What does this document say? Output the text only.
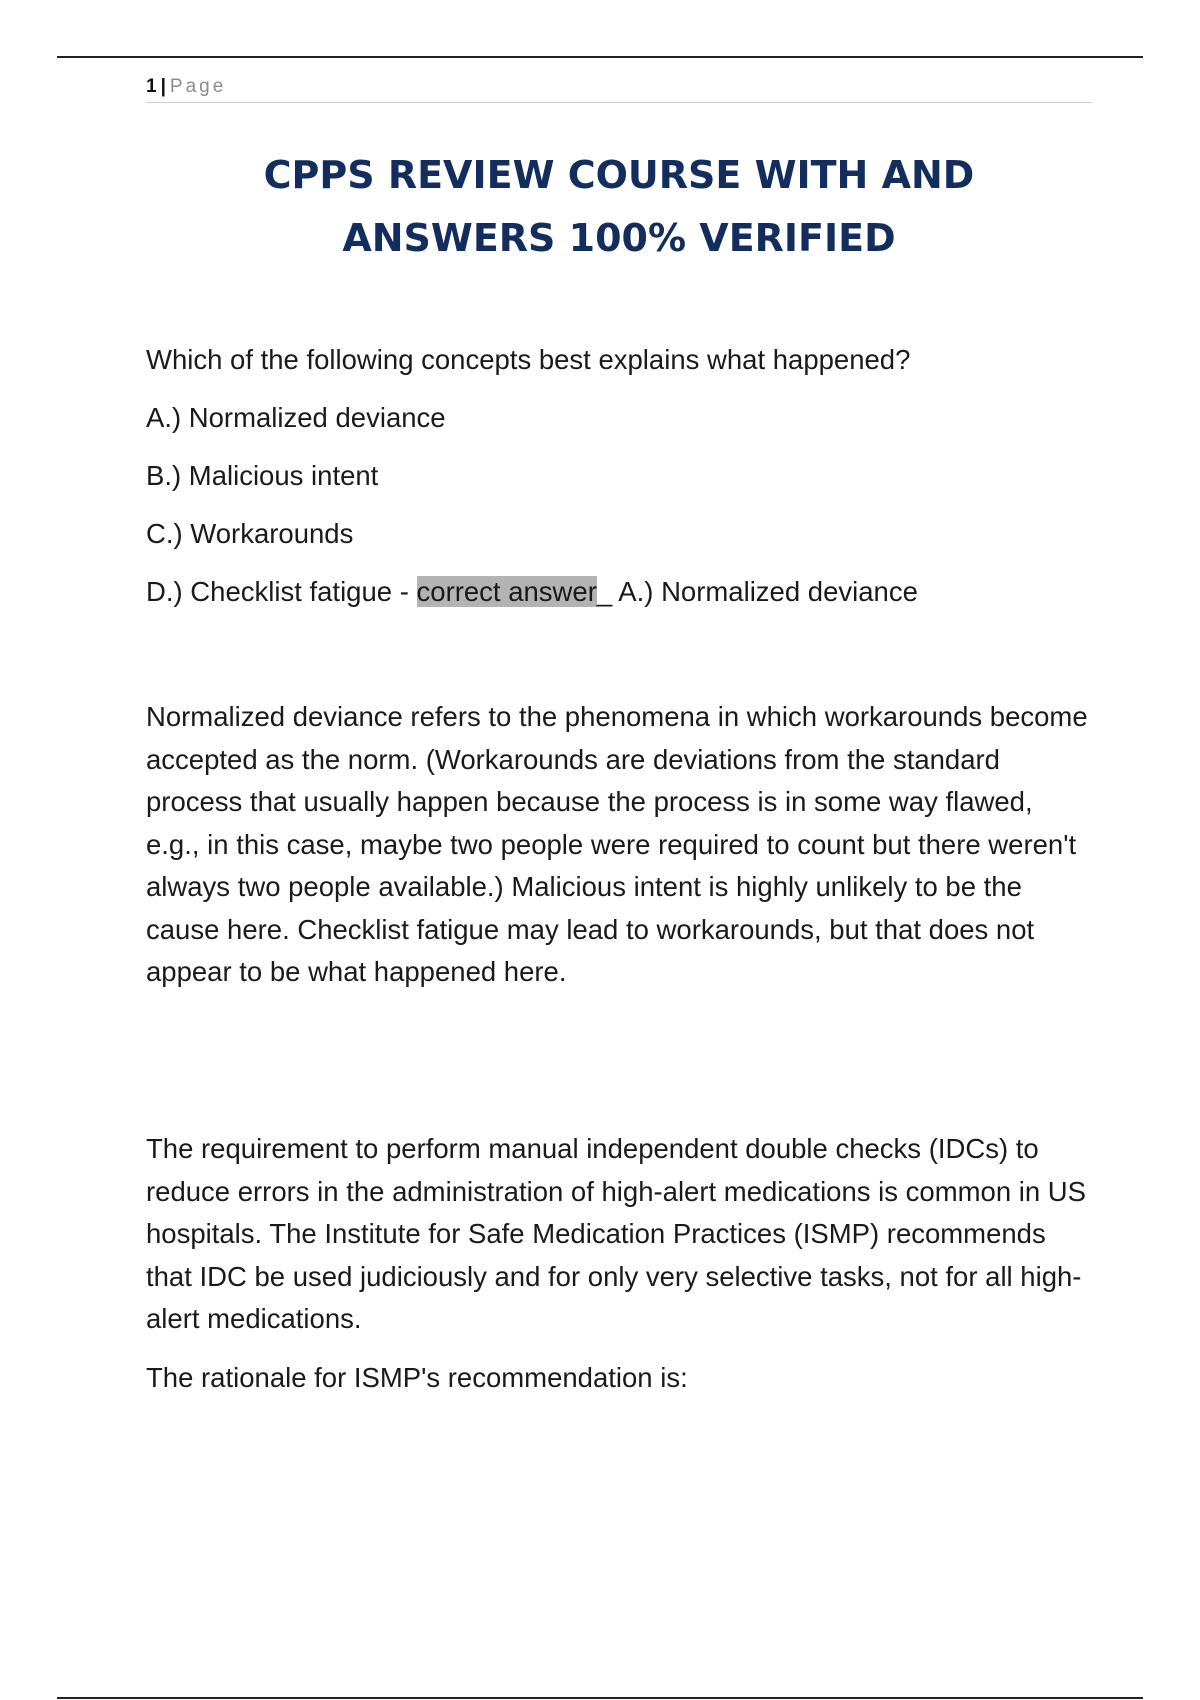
1 | Page
CPPS REVIEW COURSE WITH AND
ANSWERS 100% VERIFIED

Which of the following concepts best explains what happened?

A.) Normalized deviance

B.) Malicious intent

C.) Workarounds

D.) Checklist fatigue - correct answer_ A.) Normalized deviance

Normalized deviance refers to the phenomena in which workarounds become accepted as the norm. (Workarounds are deviations from the standard process that usually happen because the process is in some way flawed, e.g., in this case, maybe two people were required to count but there weren't always two people available.) Malicious intent is highly unlikely to be the cause here. Checklist fatigue may lead to workarounds, but that does not appear to be what happened here.

The requirement to perform manual independent double checks (IDCs) to reduce errors in the administration of high-alert medications is common in US hospitals. The Institute for Safe Medication Practices (ISMP) recommends that IDC be used judiciously and for only very selective tasks, not for all high-alert medications.

The rationale for ISMP's recommendation is:
